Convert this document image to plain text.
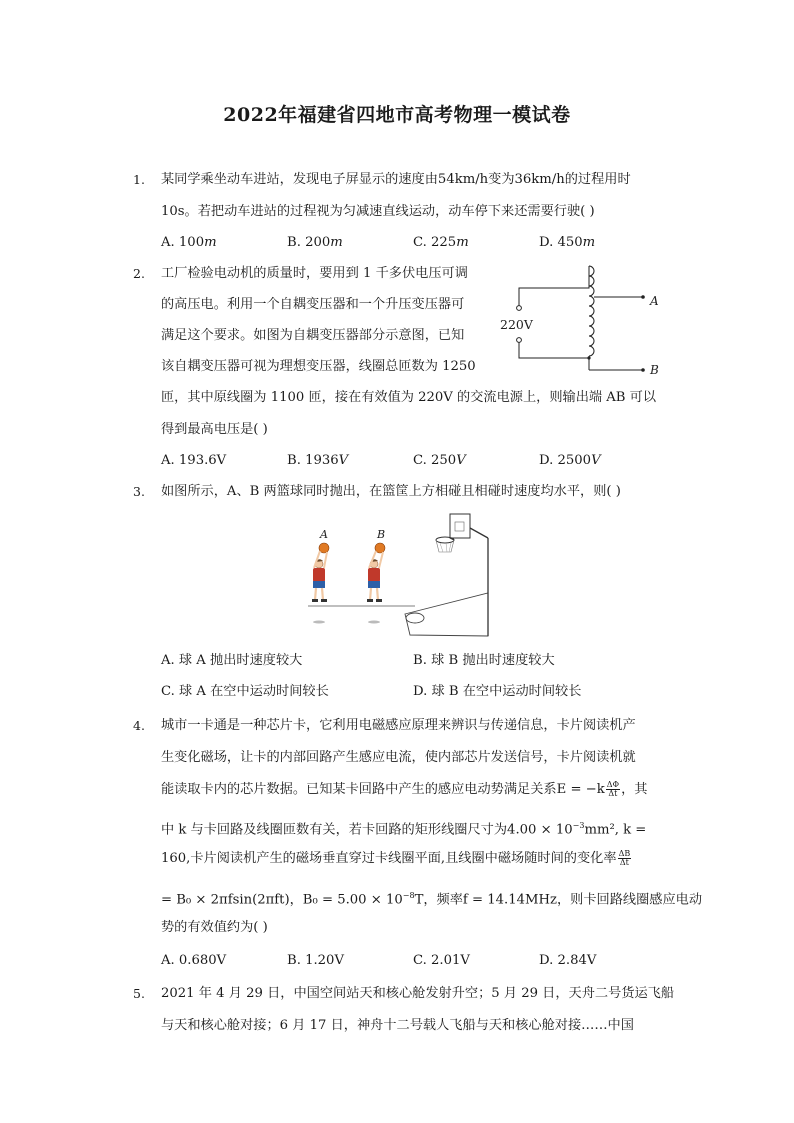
2022年福建省四地市高考物理一模试卷
1. 某同学乘坐动车进站，发现电子屏显示的速度由54km/h变为36km/h的过程用时
10s。若把动车进站的过程视为匀减速直线运动，动车停下来还需要行驶( )
A. 100m	B. 200m	C. 225m	D. 450m
2. 工厂检验电动机的质量时，要用到 1 千多伏电压可调
的高压电。利用一个自耦变压器和一个升压变压器可
满足这个要求。如图为自耦变压器部分示意图，已知
该自耦变压器可视为理想变压器，线圈总匝数为 1250
匝，其中原线圈为 1100 匝，接在有效值为 220V 的交流电源上，则输出端 AB 可以
得到最高电压是( )
220V
A
B
A. 193.6V	B. 1936V	C. 250V	D. 2500V
3. 如图所示，A、B 两篮球同时抛出，在篮筐上方相碰且相碰时速度均水平，则( )
A	B
A. 球 A 抛出时速度较大	B. 球 B 抛出时速度较大
C. 球 A 在空中运动时间较长	D. 球 B 在空中运动时间较长
4. 城市一卡通是一种芯片卡，它利用电磁感应原理来辨识与传递信息，卡片阅读机产
生变化磁场，让卡的内部回路产生感应电流，使内部芯片发送信号，卡片阅读机就
能读取卡内的芯片数据。已知某卡回路中产生的感应电动势满足关系$E = -k \frac{\Delta\Phi}{\Delta t}$ ，其
中 k 与卡回路及线圈匝数有关，若卡回路的矩形线圈尺寸为$4.00 \times 10^{-3}mm^2$, k =
160,卡片阅读机产生的磁场垂直穿过卡线圈平面,且线圈中磁场随时间的变化率 $\frac{\Delta B}{\Delta t}$
= B₀ × 2πfsin(2πft)，$B_0 = 5.00 \times 10^{-8}T$，频率f = 14.14MHz，则卡回路线圈感应电动
势的有效值约为( )
A. 0.680V	B. 1.20V	C. 2.01V	D. 2.84V
5. 2021 年 4 月 29 日，中国空间站天和核心舱发射升空；5 月 29 日，天舟二号货运飞船
与天和核心舱对接；6 月 17 日，神舟十二号载人飞船与天和核心舱对接……中国
